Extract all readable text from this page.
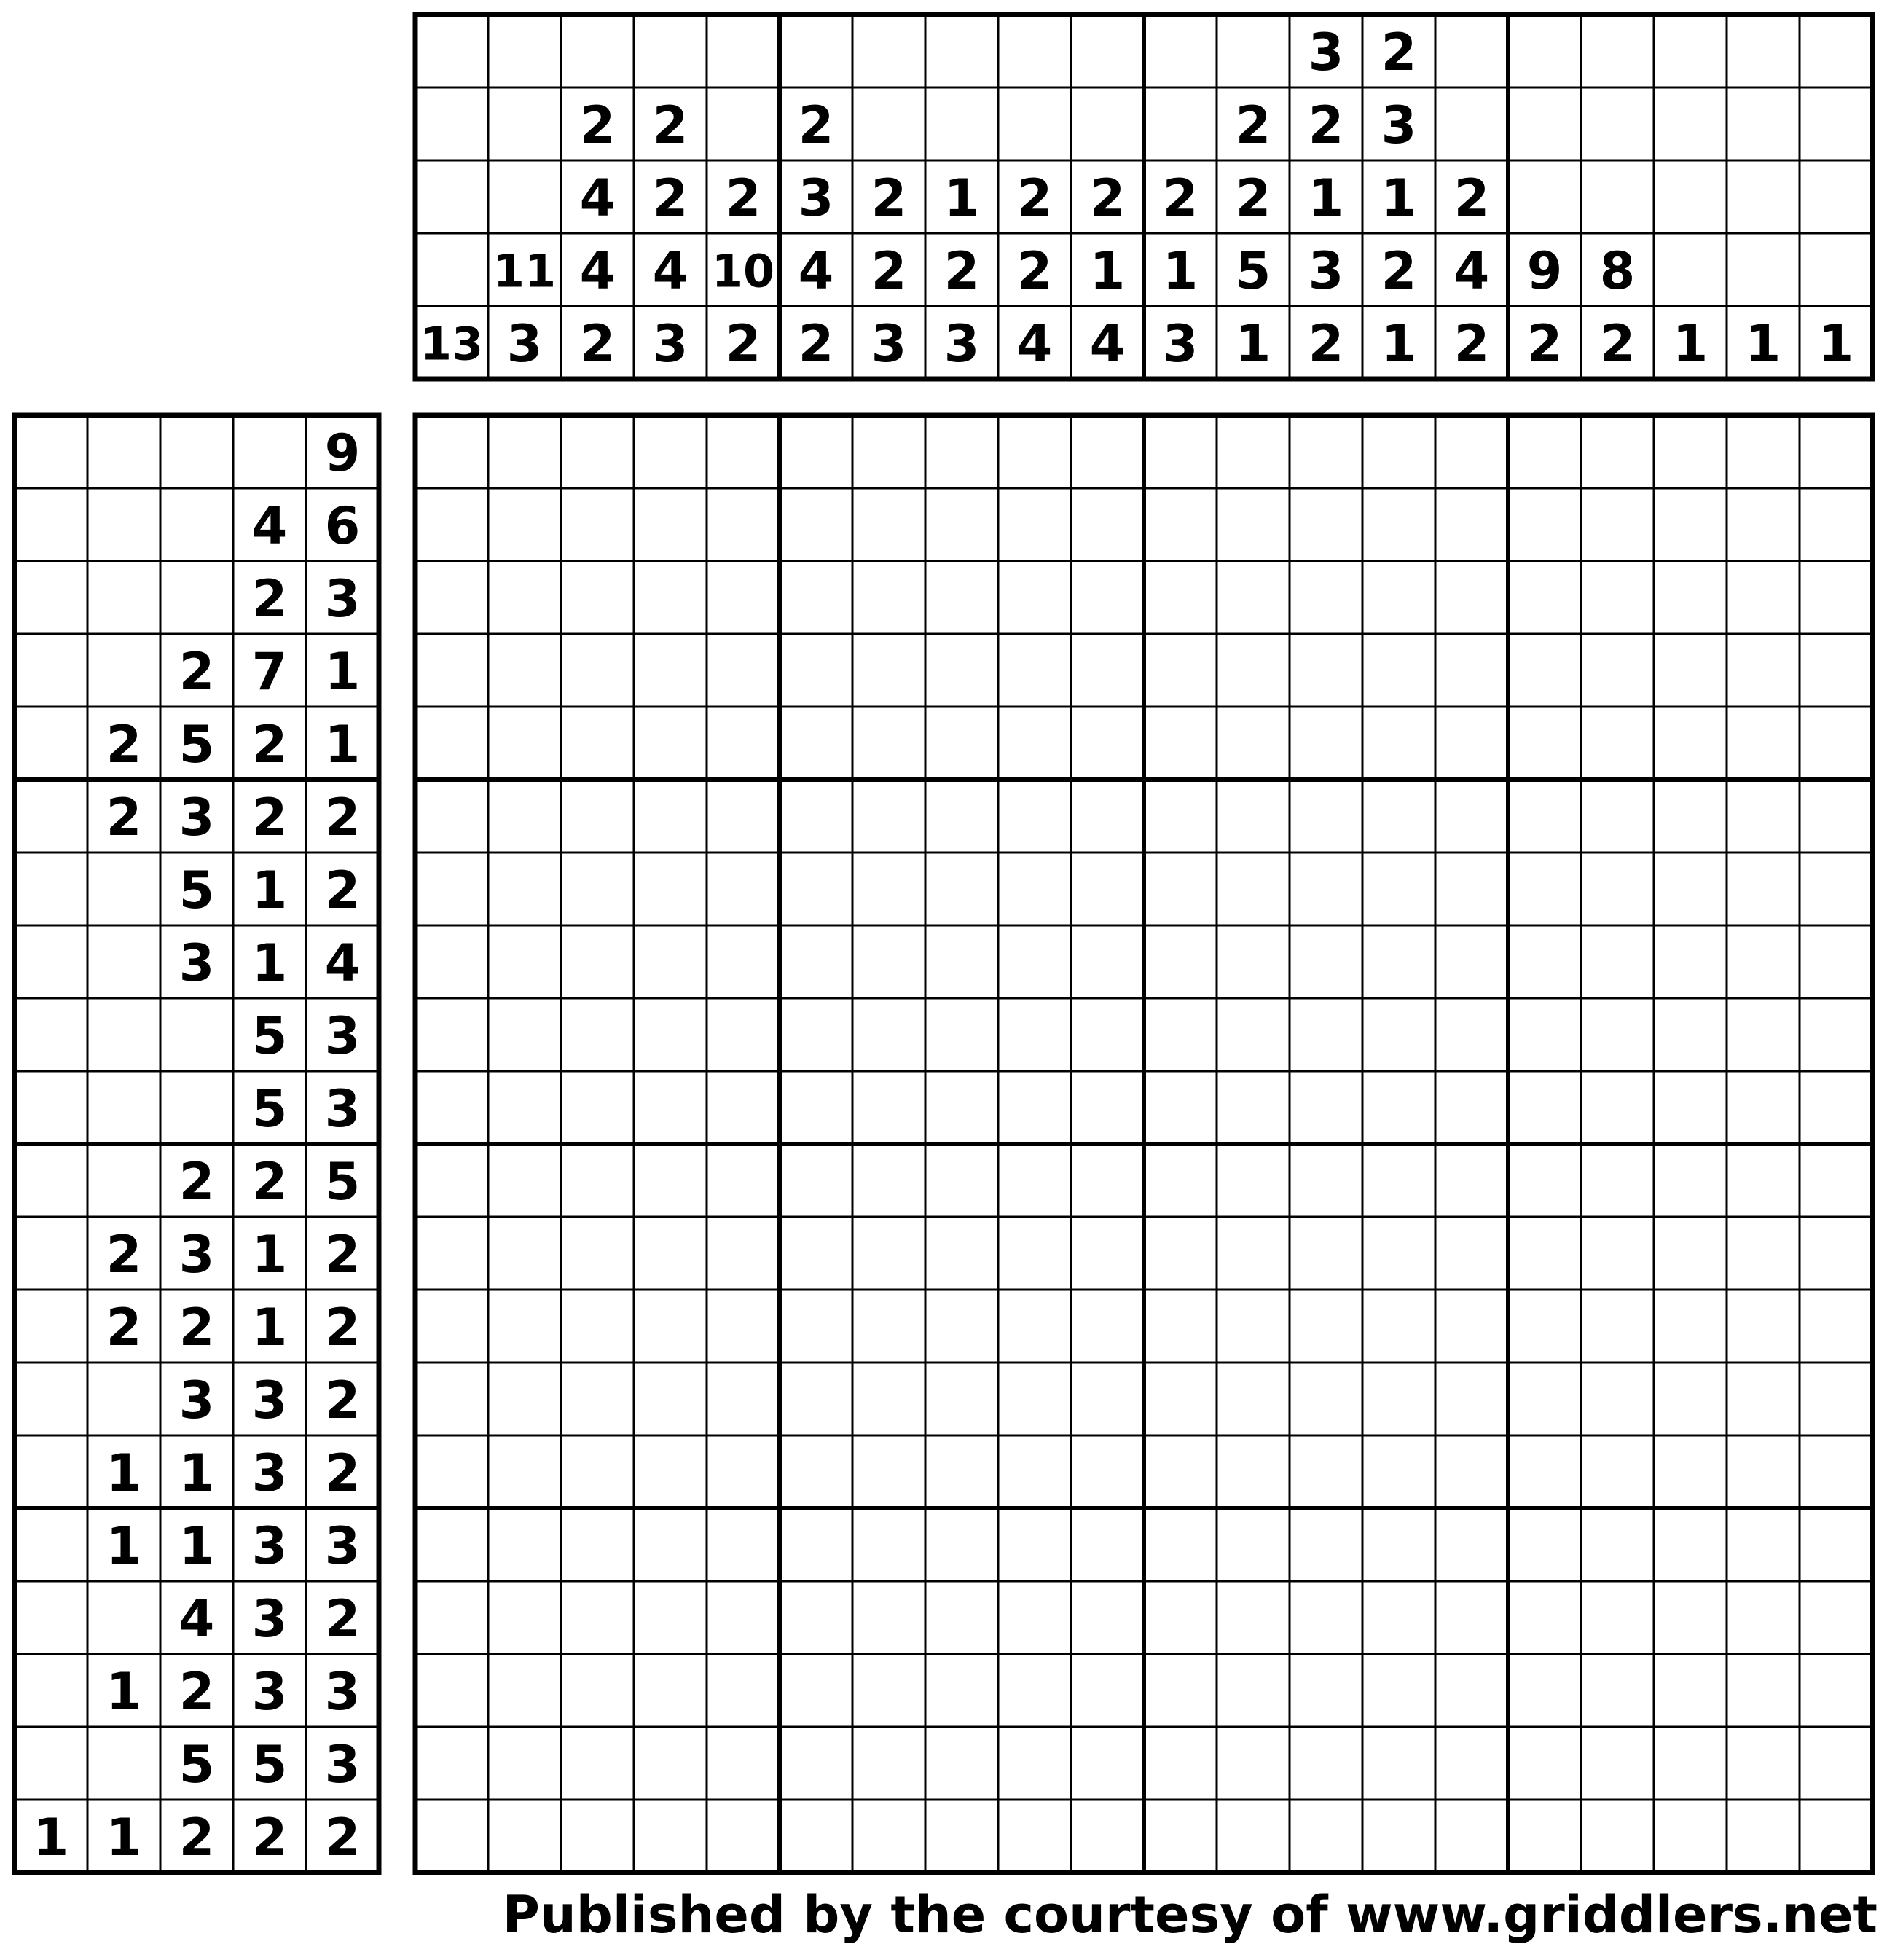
13
11
3
2
4
4
2
2
2
4
3
2
10
2
2
3
4
2
2
2
3
1
2
3
2
2
4
2
1
4
2
1
3
2
2
5
1
3
2
1
3
2
2
3
1
2
1
2
4
2
9
2
8
2 1 1 1
9
4 6
2 3
2 7 1
2 5 2 1
2 3 2 2
5 1 2
3 1 4
5 3
5 3
2 2 5
2 3 1 2
2 2 1 2
3 3 2
1 1 3 2
1 1 3 3
4 3 2
1 2 3 3
5 5 3
1 1 2 2 2
Published by the courtesy of www.griddlers.net
